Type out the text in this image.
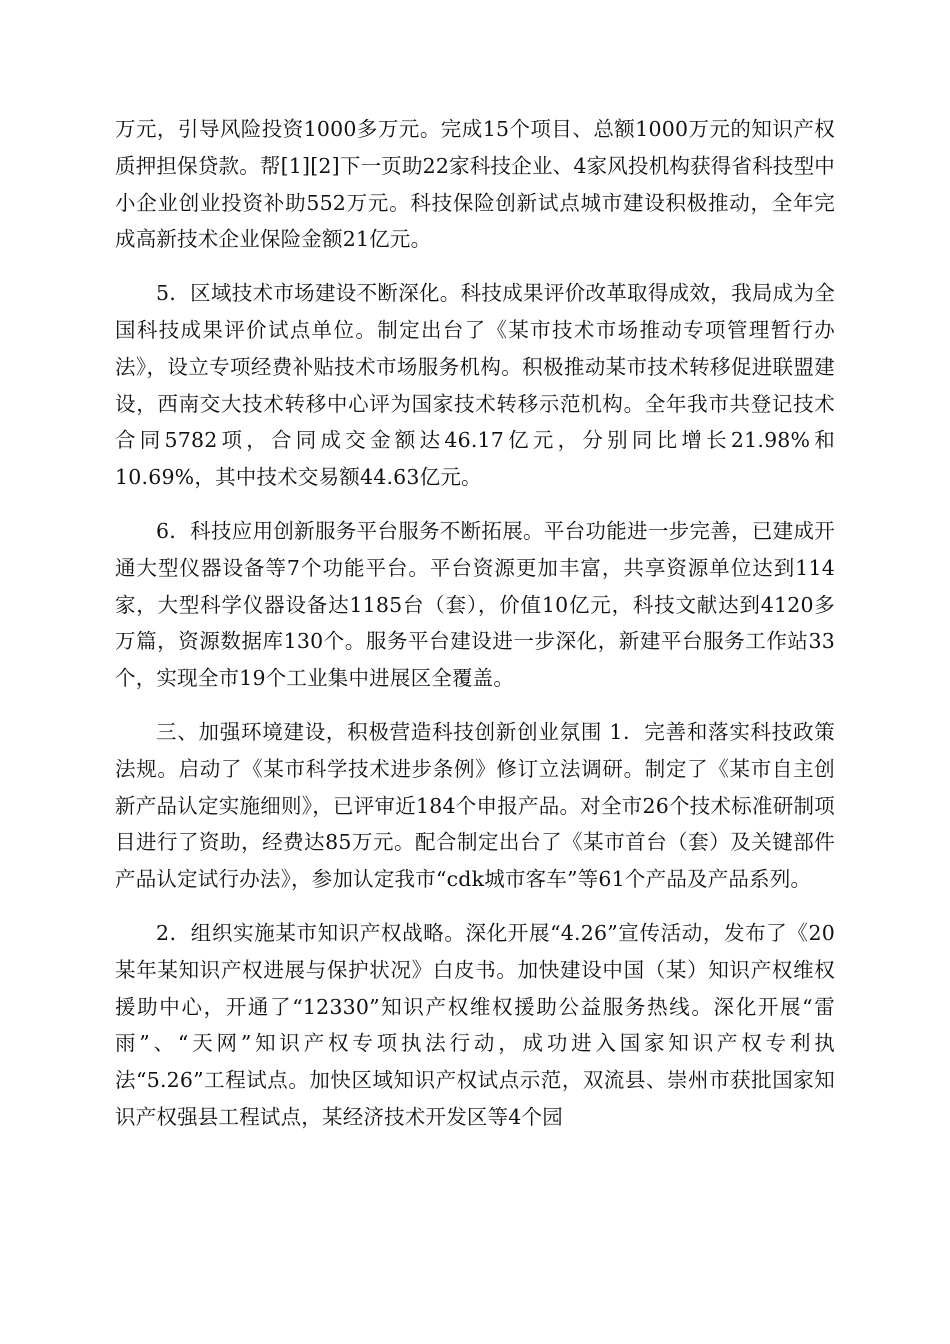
万元，引导风险投资1000多万元。完成15个项目、总额1000万元的知识产权质押担保贷款。帮[1][2]下一页助22家科技企业、4家风投机构获得省科技型中小企业创业投资补助552万元。科技保险创新试点城市建设积极推动，全年完成高新技术企业保险金额21亿元。

5．区域技术市场建设不断深化。科技成果评价改革取得成效，我局成为全国科技成果评价试点单位。制定出台了《某市技术市场推动专项管理暂行办法》，设立专项经费补贴技术市场服务机构。积极推动某市技术转移促进联盟建设，西南交大技术转移中心评为国家技术转移示范机构。全年我市共登记技术合同5782项，合同成交金额达46.17亿元，分别同比增长21.98%和10.69%，其中技术交易额44.63亿元。

6．科技应用创新服务平台服务不断拓展。平台功能进一步完善，已建成开通大型仪器设备等7个功能平台。平台资源更加丰富，共享资源单位达到114家，大型科学仪器设备达1185台（套），价值10亿元，科技文献达到4120多万篇，资源数据库130个。服务平台建设进一步深化，新建平台服务工作站33个，实现全市19个工业集中进展区全覆盖。

三、加强环境建设，积极营造科技创新创业氛围 1．完善和落实科技政策法规。启动了《某市科学技术进步条例》修订立法调研。制定了《某市自主创新产品认定实施细则》，已评审近184个申报产品。对全市26个技术标准研制项目进行了资助，经费达85万元。配合制定出台了《某市首台（套）及关键部件产品认定试行办法》，参加认定我市“cdk城市客车”等61个产品及产品系列。

2．组织实施某市知识产权战略。深化开展“4.26”宣传活动，发布了《20某年某知识产权进展与保护状况》白皮书。加快建设中国（某）知识产权维权援助中心，开通了“12330”知识产权维权援助公益服务热线。深化开展“雷雨”、“天网”知识产权专项执法行动，成功进入国家知识产权专利执法“5.26”工程试点。加快区域知识产权试点示范，双流县、崇州市获批国家知识产权强县工程试点，某经济技术开发区等4个园
